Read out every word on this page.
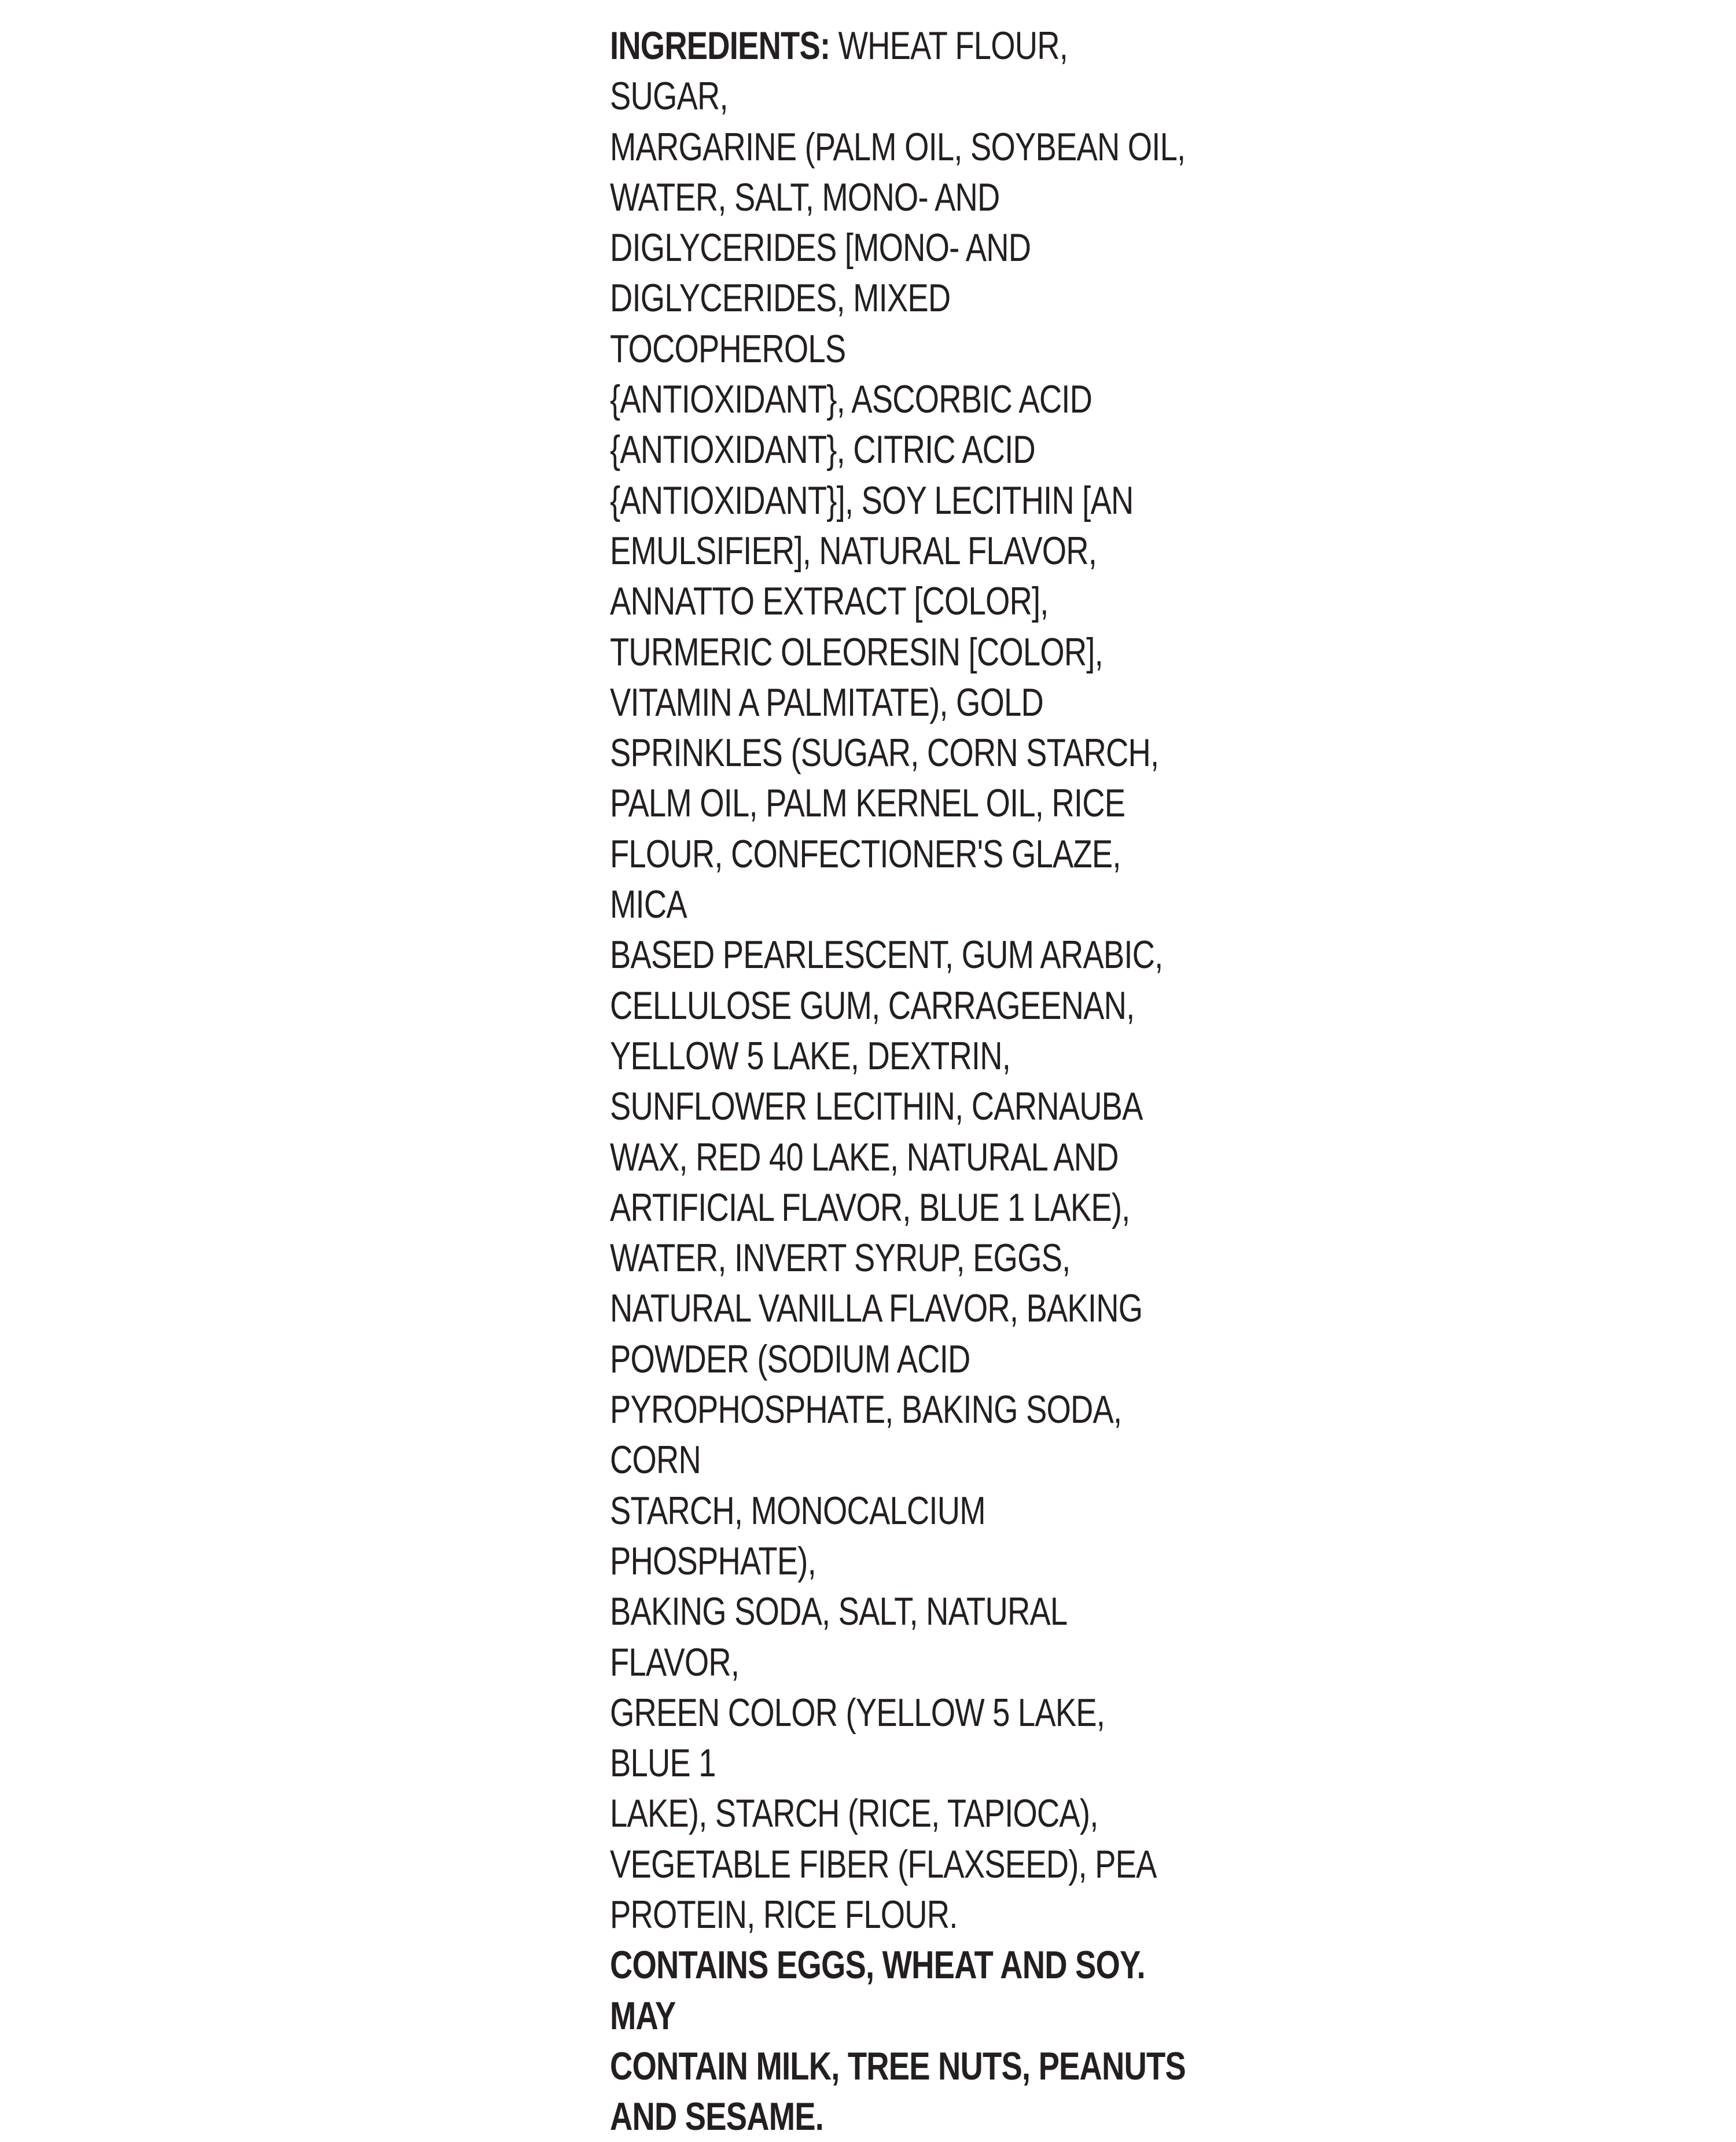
INGREDIENTS: WHEAT FLOUR, SUGAR,
MARGARINE (PALM OIL, SOYBEAN OIL,
WATER, SALT, MONO- AND
DIGLYCERIDES [MONO- AND
DIGLYCERIDES, MIXED TOCOPHEROLS
{ANTIOXIDANT}, ASCORBIC ACID
{ANTIOXIDANT}, CITRIC ACID
{ANTIOXIDANT}], SOY LECITHIN [AN
EMULSIFIER], NATURAL FLAVOR,
ANNATTO EXTRACT [COLOR],
TURMERIC OLEORESIN [COLOR],
VITAMIN A PALMITATE), GOLD
SPRINKLES (SUGAR, CORN STARCH,
PALM OIL, PALM KERNEL OIL, RICE
FLOUR, CONFECTIONER'S GLAZE, MICA
BASED PEARLESCENT, GUM ARABIC,
CELLULOSE GUM, CARRAGEENAN,
YELLOW 5 LAKE, DEXTRIN,
SUNFLOWER LECITHIN, CARNAUBA
WAX, RED 40 LAKE, NATURAL AND
ARTIFICIAL FLAVOR, BLUE 1 LAKE),
WATER, INVERT SYRUP, EGGS,
NATURAL VANILLA FLAVOR, BAKING
POWDER (SODIUM ACID
PYROPHOSPHATE, BAKING SODA, CORN
STARCH, MONOCALCIUM PHOSPHATE),
BAKING SODA, SALT, NATURAL FLAVOR,
GREEN COLOR (YELLOW 5 LAKE, BLUE 1
LAKE), STARCH (RICE, TAPIOCA),
VEGETABLE FIBER (FLAXSEED), PEA
PROTEIN, RICE FLOUR.

CONTAINS EGGS, WHEAT AND SOY. MAY
CONTAIN MILK, TREE NUTS, PEANUTS
AND SESAME.
